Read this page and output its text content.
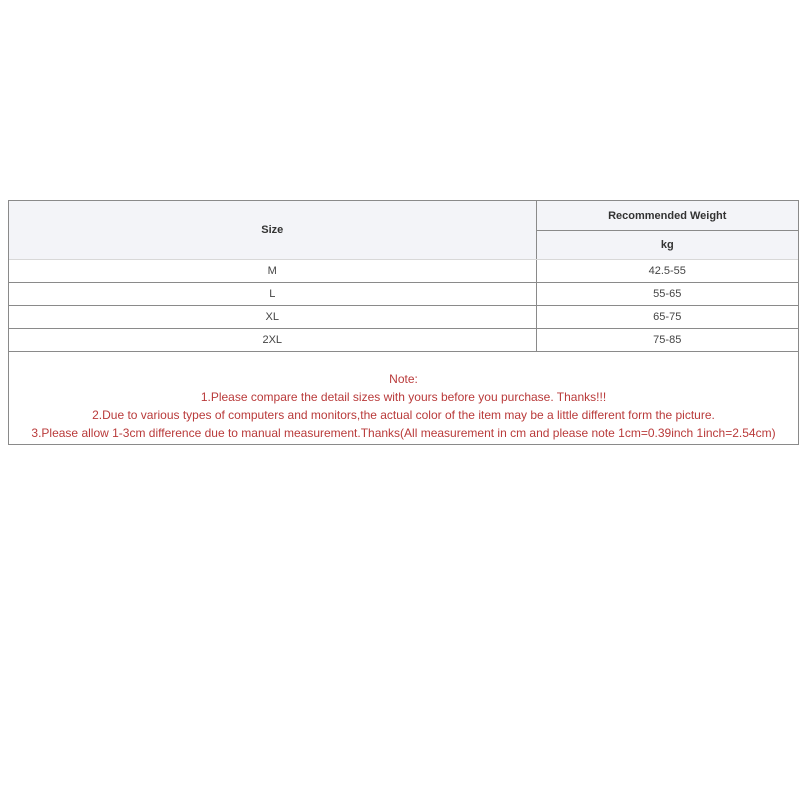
Size	Recommended Weight
	kg
M	42.5-55
L	55-65
XL	65-75
2XL	75-85
Note:
1.Please compare the detail sizes with yours before you purchase. Thanks!!!
2.Due to various types of computers and monitors,the actual color of the item may be a little different form the picture.
3.Please allow 1-3cm difference due to manual measurement.Thanks(All measurement in cm and please note 1cm=0.39inch 1inch=2.54cm)
